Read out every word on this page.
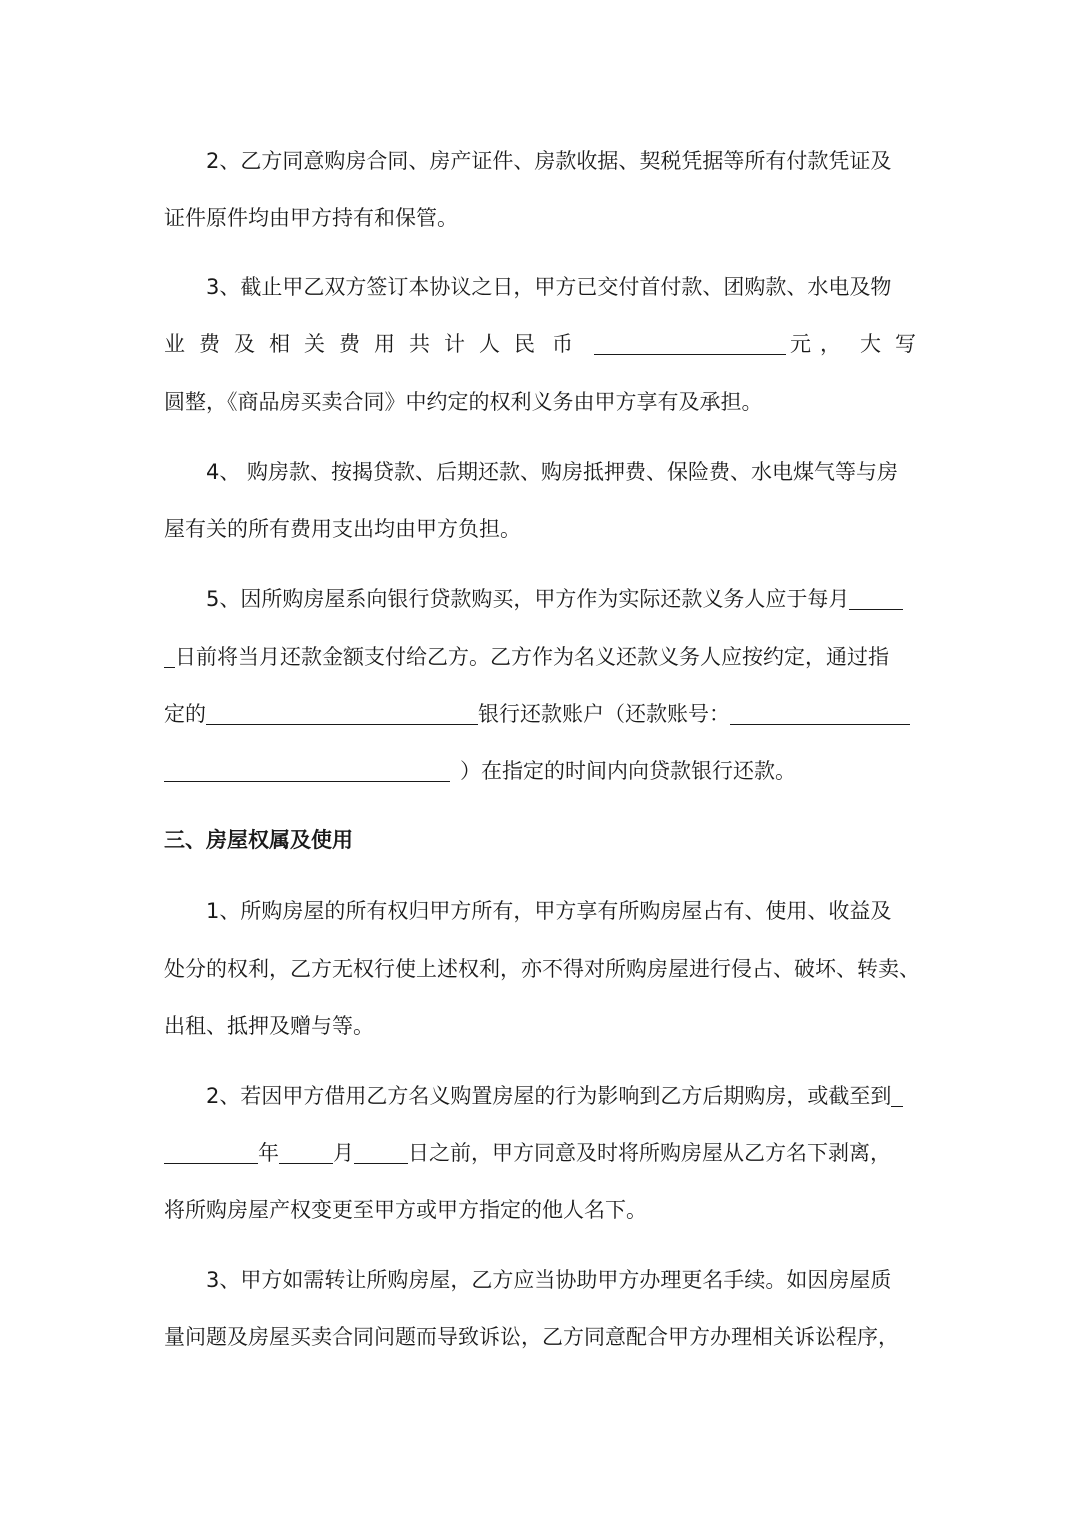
2、乙方同意购房合同、房产证件、房款收据、契税凭据等所有付款凭证及
证件原件均由甲方持有和保管。
3、截止甲乙双方签订本协议之日，甲方已交付首付款、团购款、水电及物
业 费 及 相 关 费 用 共 计 人 民 币	元 ， 大 写
圆整，《商品房买卖合同》中约定的权利义务由甲方享有及承担。
4、 购房款、按揭贷款、后期还款、购房抵押费、保险费、水电煤气等与房
屋有关的所有费用支出均由甲方负担。
5、因所购房屋系向银行贷款购买，甲方作为实际还款义务人应于每月
日前将当月还款金额支付给乙方。乙方作为名义还款义务人应按约定，通过指
定的	银行还款账户（还款账号：
）在指定的时间内向贷款银行还款。
三、房屋权属及使用
1、所购房屋的所有权归甲方所有，甲方享有所购房屋占有、使用、收益及
处分的权利，乙方无权行使上述权利，亦不得对所购房屋进行侵占、破坏、转卖、
出租、抵押及赠与等。
2、若因甲方借用乙方名义购置房屋的行为影响到乙方后期购房，或截至到
年	月	日之前，甲方同意及时将所购房屋从乙方名下剥离，
将所购房屋产权变更至甲方或甲方指定的他人名下。
3、甲方如需转让所购房屋，乙方应当协助甲方办理更名手续。如因房屋质
量问题及房屋买卖合同问题而导致诉讼，乙方同意配合甲方办理相关诉讼程序，
